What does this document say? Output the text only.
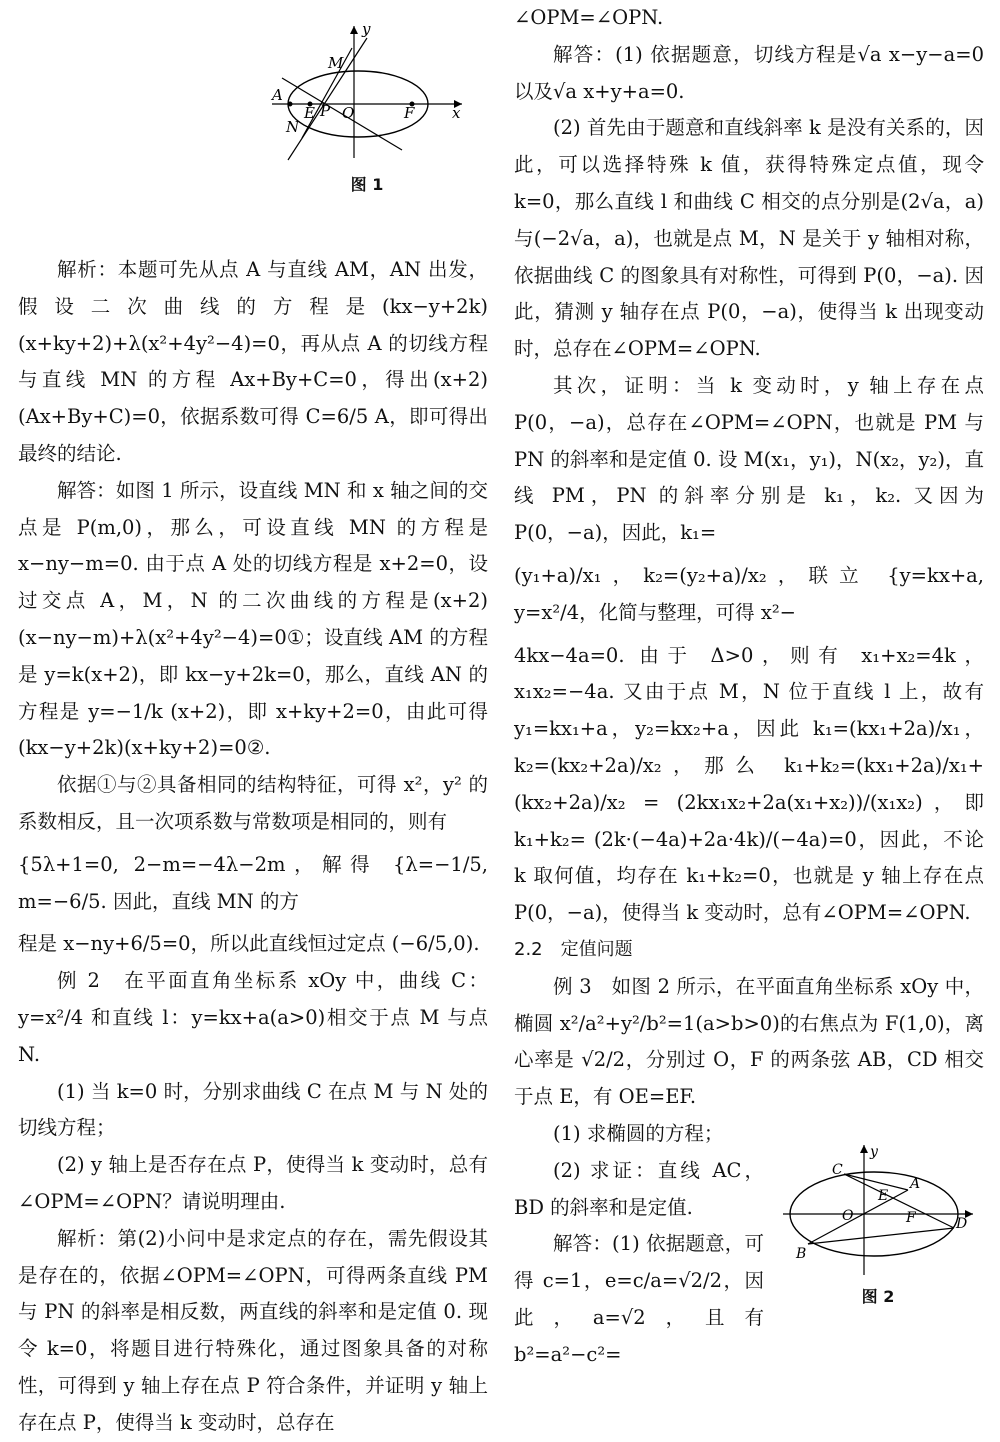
y
x
M
A
E P O	F
N
图 1

解析：本题可先从点 A 与直线 AM，AN 出发，假设二次曲线的方程是(kx−y+2k)(x+ky+2)+λ(x²+4y²−4)=0，再从点 A 的切线方程与直线 MN 的方程 Ax+By+C=0，得出(x+2)(Ax+By+C)=0，依据系数可得 C=6/5 A，即可得出最终的结论.

解答：如图 1 所示，设直线 MN 和 x 轴之间的交点是 P(m,0)，那么，可设直线 MN 的方程是 x−ny−m=0. 由于点 A 处的切线方程是 x+2=0，设过交点 A，M，N 的二次曲线的方程是(x+2)(x−ny−m)+λ(x²+4y²−4)=0①；设直线 AM 的方程是 y=k(x+2)，即 kx−y+2k=0，那么，直线 AN 的方程是 y=−1/k (x+2)，即 x+ky+2=0，由此可得(kx−y+2k)(x+ky+2)=0②.

依据①与②具备相同的结构特征，可得 x²，y² 的系数相反，且一次项系数与常数项是相同的，则有

{5λ+1=0, 2−m=−4λ−2m，解得 {λ=−1/5, m=−6/5. 因此，直线 MN 的方

程是 x−ny+6/5=0，所以此直线恒过定点 (−6/5,0).

例 2　在平面直角坐标系 xOy 中，曲线 C：y=x²/4 和直线 l：y=kx+a(a>0)相交于点 M 与点 N.

(1) 当 k=0 时，分别求曲线 C 在点 M 与 N 处的切线方程；

(2) y 轴上是否存在点 P，使得当 k 变动时，总有∠OPM=∠OPN？请说明理由.

解析：第(2)小问中是求定点的存在，需先假设其是存在的，依据∠OPM=∠OPN，可得两条直线 PM 与 PN 的斜率是相反数，两直线的斜率和是定值 0. 现令 k=0，将题目进行特殊化，通过图象具备的对称性，可得到 y 轴上存在点 P 符合条件，并证明 y 轴上存在点 P，使得当 k 变动时，总存在

∠OPM=∠OPN.

解答：(1) 依据题意，切线方程是√a x−y−a=0 以及√a x+y+a=0.

(2) 首先由于题意和直线斜率 k 是没有关系的，因此，可以选择特殊 k 值，获得特殊定点值，现令 k=0，那么直线 l 和曲线 C 相交的点分别是(2√a，a)与(−2√a，a)，也就是点 M，N 是关于 y 轴相对称，依据曲线 C 的图象具有对称性，可得到 P(0，−a). 因此，猜测 y 轴存在点 P(0，−a)，使得当 k 出现变动时，总存在∠OPM=∠OPN.

其次，证明：当 k 变动时，y 轴上存在点 P(0，−a)，总存在∠OPM=∠OPN，也就是 PM 与 PN 的斜率和是定值 0. 设 M(x₁，y₁)，N(x₂，y₂)，直线 PM，PN 的斜率分别是 k₁，k₂. 又因为 P(0，−a)，因此，k₁=

(y₁+a)/x₁，k₂=(y₂+a)/x₂，联立 {y=kx+a, y=x²/4，化简与整理，可得 x²−

4kx−4a=0. 由于 Δ>0，则有 x₁+x₂=4k，x₁x₂=−4a. 又由于点 M，N 位于直线 l 上，故有 y₁=kx₁+a，y₂=kx₂+a，因此 k₁=(kx₁+2a)/x₁，k₂=(kx₂+2a)/x₂，那么 k₁+k₂=(kx₁+2a)/x₁+ (kx₂+2a)/x₂ = (2kx₁x₂+2a(x₁+x₂))/(x₁x₂)，即 k₁+k₂= (2k·(−4a)+2a·4k)/(−4a)=0，因此，不论 k 取何值，均存在 k₁+k₂=0，也就是 y 轴上存在点 P(0，−a)，使得当 k 变动时，总有∠OPM=∠OPN.

2.2　定值问题

例 3　如图 2 所示，在平面直角坐标系 xOy 中，椭圆 x²/a²+y²/b²=1(a>b>0)的右焦点为 F(1,0)，离心率是 √2/2，分别过 O，F 的两条弦 AB，CD 相交于点 E，有 OE=EF.

(1) 求椭圆的方程；

(2) 求证：直线 AC，BD 的斜率和是定值.

解答：(1) 依据题意，可得 c=1，e=c/a=√2/2，因此，a=√2，且有 b²=a²−c²=

y
C
E
A
O	F	D
B
图 2
